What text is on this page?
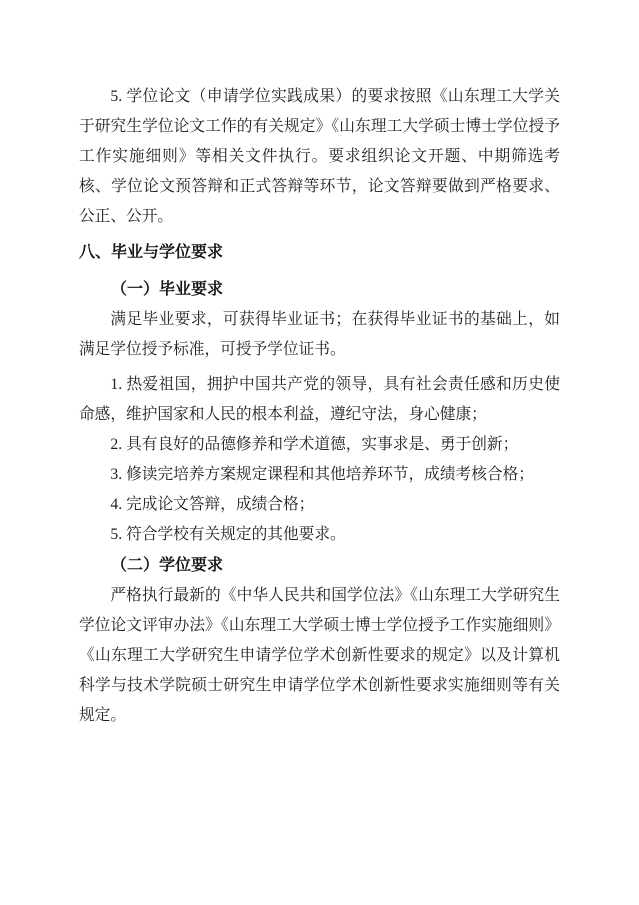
5. 学位论文（申请学位实践成果）的要求按照《山东理工大学关于研究生学位论文工作的有关规定》《山东理工大学硕士博士学位授予工作实施细则》等相关文件执行。要求组织论文开题、中期筛选考核、学位论文预答辩和正式答辩等环节，论文答辩要做到严格要求、公正、公开。

八、毕业与学位要求
（一）毕业要求

满足毕业要求，可获得毕业证书；在获得毕业证书的基础上，如满足学位授予标准，可授予学位证书。

1. 热爱祖国，拥护中国共产党的领导，具有社会责任感和历史使命感，维护国家和人民的根本利益，遵纪守法，身心健康；

2. 具有良好的品德修养和学术道德，实事求是、勇于创新；

3. 修读完培养方案规定课程和其他培养环节，成绩考核合格；

4. 完成论文答辩，成绩合格；

5. 符合学校有关规定的其他要求。

（二）学位要求

严格执行最新的《中华人民共和国学位法》《山东理工大学研究生学位论文评审办法》《山东理工大学硕士博士学位授予工作实施细则》《山东理工大学研究生申请学位学术创新性要求的规定》以及计算机科学与技术学院硕士研究生申请学位学术创新性要求实施细则等有关规定。
